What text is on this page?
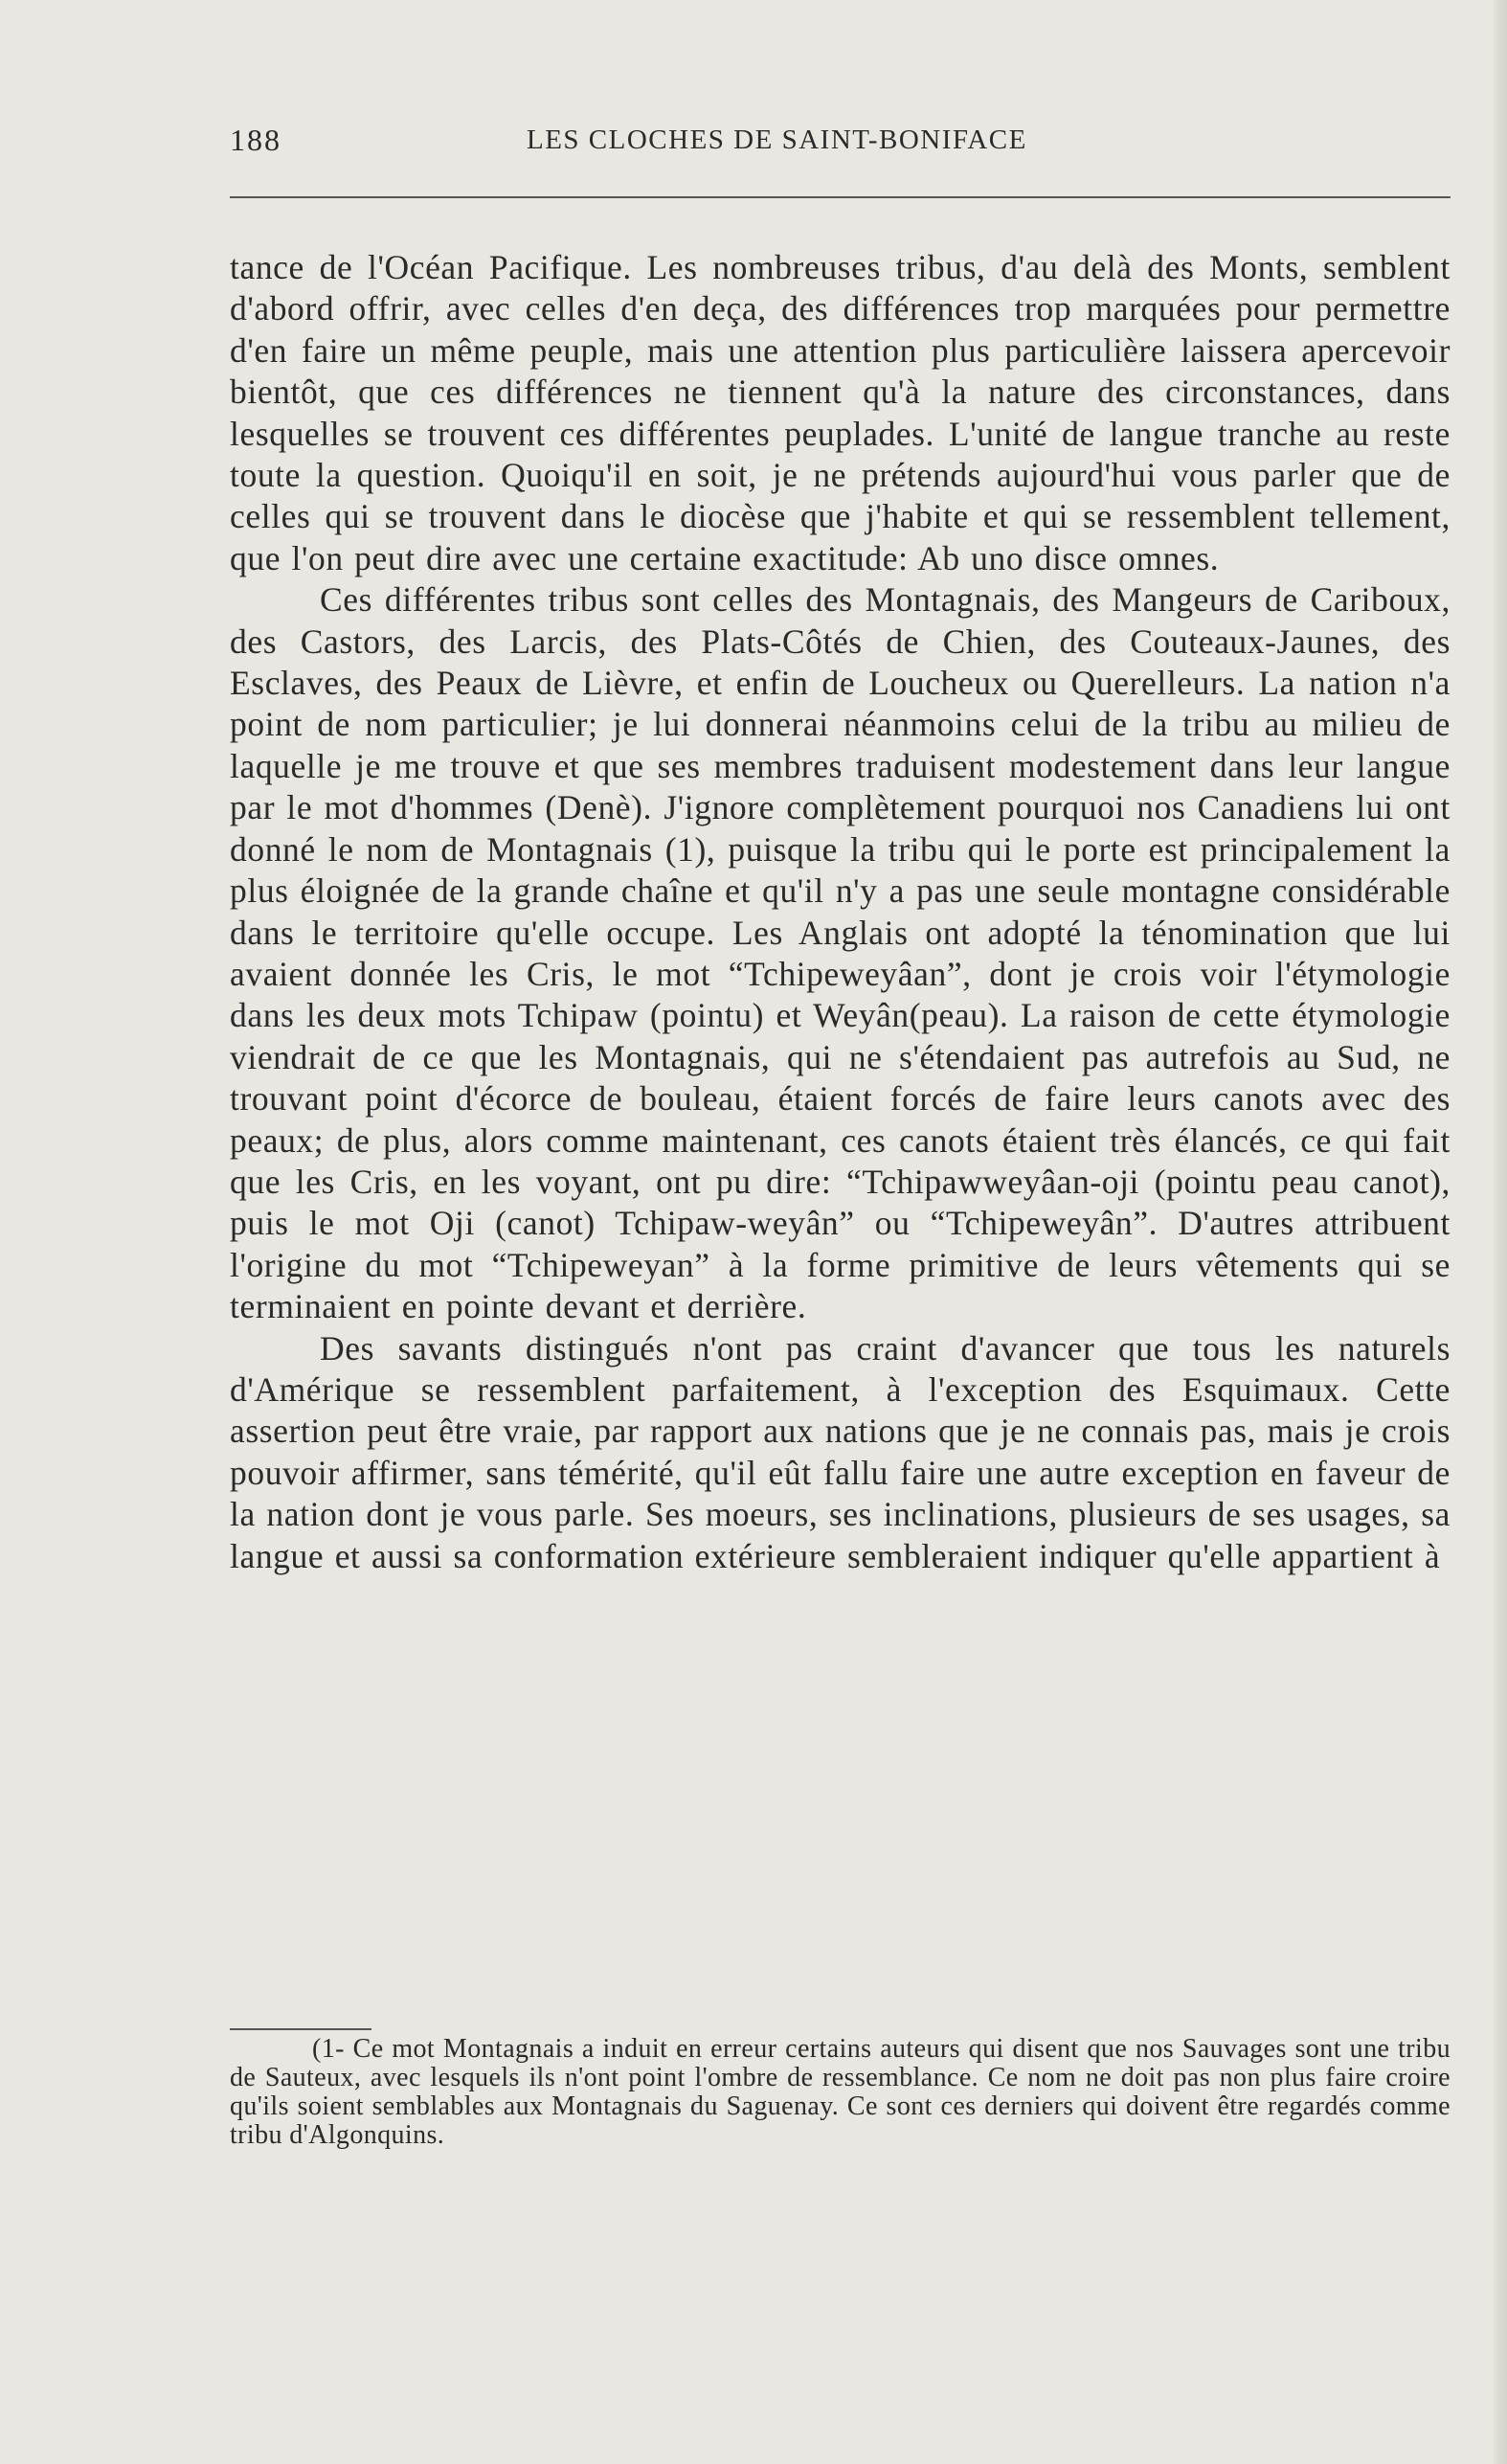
188	LES CLOCHES DE SAINT-BONIFACE

tance de l'Océan Pacifique. Les nombreuses tribus, d'au delà des Monts, semblent d'abord offrir, avec celles d'en deça, des différences trop marquées pour permettre d'en faire un même peuple, mais une attention plus particulière laissera apercevoir bientôt, que ces différences ne tiennent qu'à la nature des circonstances, dans lesquelles se trouvent ces différentes peuplades. L'unité de langue tranche au reste toute la question. Quoiqu'il en soit, je ne prétends aujourd'hui vous parler que de celles qui se trouvent dans le diocèse que j'habite et qui se ressemblent tellement, que l'on peut dire avec une certaine exactitude: Ab uno disce omnes.

Ces différentes tribus sont celles des Montagnais, des Mangeurs de Cariboux, des Castors, des Larcis, des Plats-Côtés de Chien, des Couteaux-Jaunes, des Esclaves, des Peaux de Lièvre, et enfin de Loucheux ou Querelleurs. La nation n'a point de nom particulier; je lui donnerai néanmoins celui de la tribu au milieu de laquelle je me trouve et que ses membres traduisent modestement dans leur langue par le mot d'hommes (Denè). J'ignore complètement pourquoi nos Canadiens lui ont donné le nom de Montagnais (1), puisque la tribu qui le porte est principalement la plus éloignée de la grande chaîne et qu'il n'y a pas une seule montagne considérable dans le territoire qu'elle occupe. Les Anglais ont adopté la ténomination que lui avaient donnée les Cris, le mot “Tchipeweyâan”, dont je crois voir l'étymologie dans les deux mots Tchipaw (pointu) et Weyân(peau). La raison de cette étymologie viendrait de ce que les Montagnais, qui ne s'étendaient pas autrefois au Sud, ne trouvant point d'écorce de bouleau, étaient forcés de faire leurs canots avec des peaux; de plus, alors comme maintenant, ces canots étaient très élancés, ce qui fait que les Cris, en les voyant, ont pu dire: “Tchipawweyâan-oji (pointu peau canot), puis le mot Oji (canot) Tchipaw-weyân” ou “Tchipeweyân”. D'autres attribuent l'origine du mot “Tchipeweyan” à la forme primitive de leurs vêtements qui se terminaient en pointe devant et derrière.

Des savants distingués n'ont pas craint d'avancer que tous les naturels d'Amérique se ressemblent parfaitement, à l'exception des Esquimaux. Cette assertion peut être vraie, par rapport aux nations que je ne connais pas, mais je crois pouvoir affirmer, sans témérité, qu'il eût fallu faire une autre exception en faveur de la nation dont je vous parle. Ses moeurs, ses inclinations, plusieurs de ses usages, sa langue et aussi sa conformation extérieure sembleraient indiquer qu'elle appartient à

(1- Ce mot Montagnais a induit en erreur certains auteurs qui disent que nos Sauvages sont une tribu de Sauteux, avec lesquels ils n'ont point l'ombre de ressemblance. Ce nom ne doit pas non plus faire croire qu'ils soient semblables aux Montagnais du Saguenay. Ce sont ces derniers qui doivent être regardés comme tribu d'Algonquins.
